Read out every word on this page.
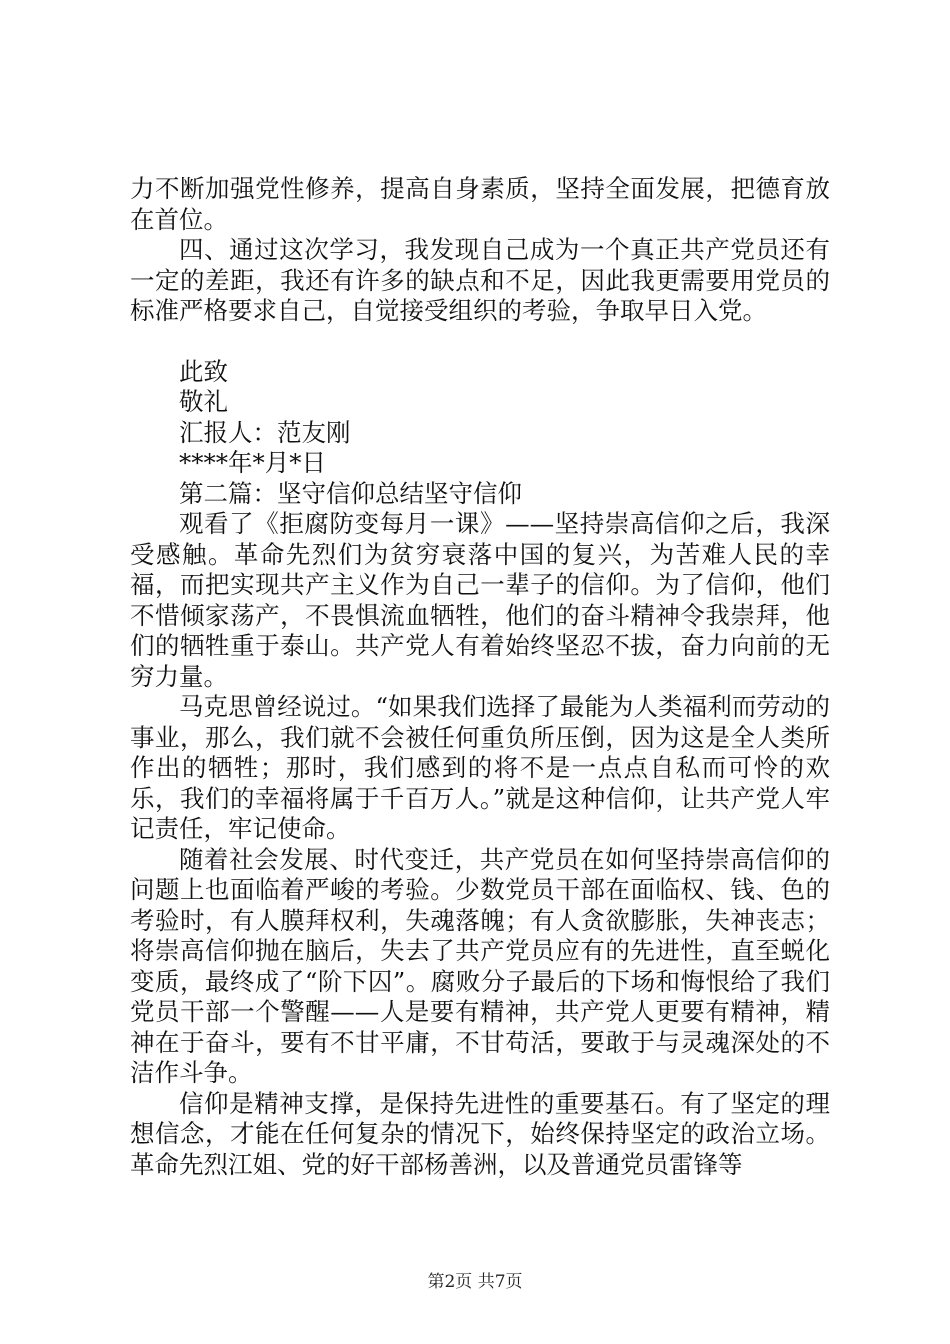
力不断加强党性修养，提高自身素质，坚持全面发展，把德育放在首位。

四、通过这次学习，我发现自己成为一个真正共产党员还有一定的差距，我还有许多的缺点和不足，因此我更需要用党员的标准严格要求自己，自觉接受组织的考验，争取早日入党。

此致

敬礼

汇报人：范友刚

****年*月*日

第二篇：坚守信仰总结坚守信仰

观看了《拒腐防变每月一课》——坚持崇高信仰之后，我深受感触。革命先烈们为贫穷衰落中国的复兴，为苦难人民的幸福，而把实现共产主义作为自己一辈子的信仰。为了信仰，他们不惜倾家荡产，不畏惧流血牺牲，他们的奋斗精神令我崇拜，他们的牺牲重于泰山。共产党人有着始终坚忍不拔，奋力向前的无穷力量。

马克思曾经说过。“如果我们选择了最能为人类福利而劳动的事业，那么，我们就不会被任何重负所压倒，因为这是全人类所作出的牺牲；那时，我们感到的将不是一点点自私而可怜的欢乐，我们的幸福将属于千百万人。”就是这种信仰，让共产党人牢记责任，牢记使命。

随着社会发展、时代变迁，共产党员在如何坚持崇高信仰的问题上也面临着严峻的考验。少数党员干部在面临权、钱、色的考验时，有人膜拜权利，失魂落魄；有人贪欲膨胀，失神丧志；将崇高信仰抛在脑后，失去了共产党员应有的先进性，直至蜕化变质，最终成了“阶下囚”。腐败分子最后的下场和悔恨给了我们党员干部一个警醒——人是要有精神，共产党人更要有精神，精神在于奋斗，要有不甘平庸，不甘苟活，要敢于与灵魂深处的不洁作斗争。

信仰是精神支撑，是保持先进性的重要基石。有了坚定的理想信念，才能在任何复杂的情况下，始终保持坚定的政治立场。革命先烈江姐、党的好干部杨善洲，以及普通党员雷锋等

第2页 共7页
